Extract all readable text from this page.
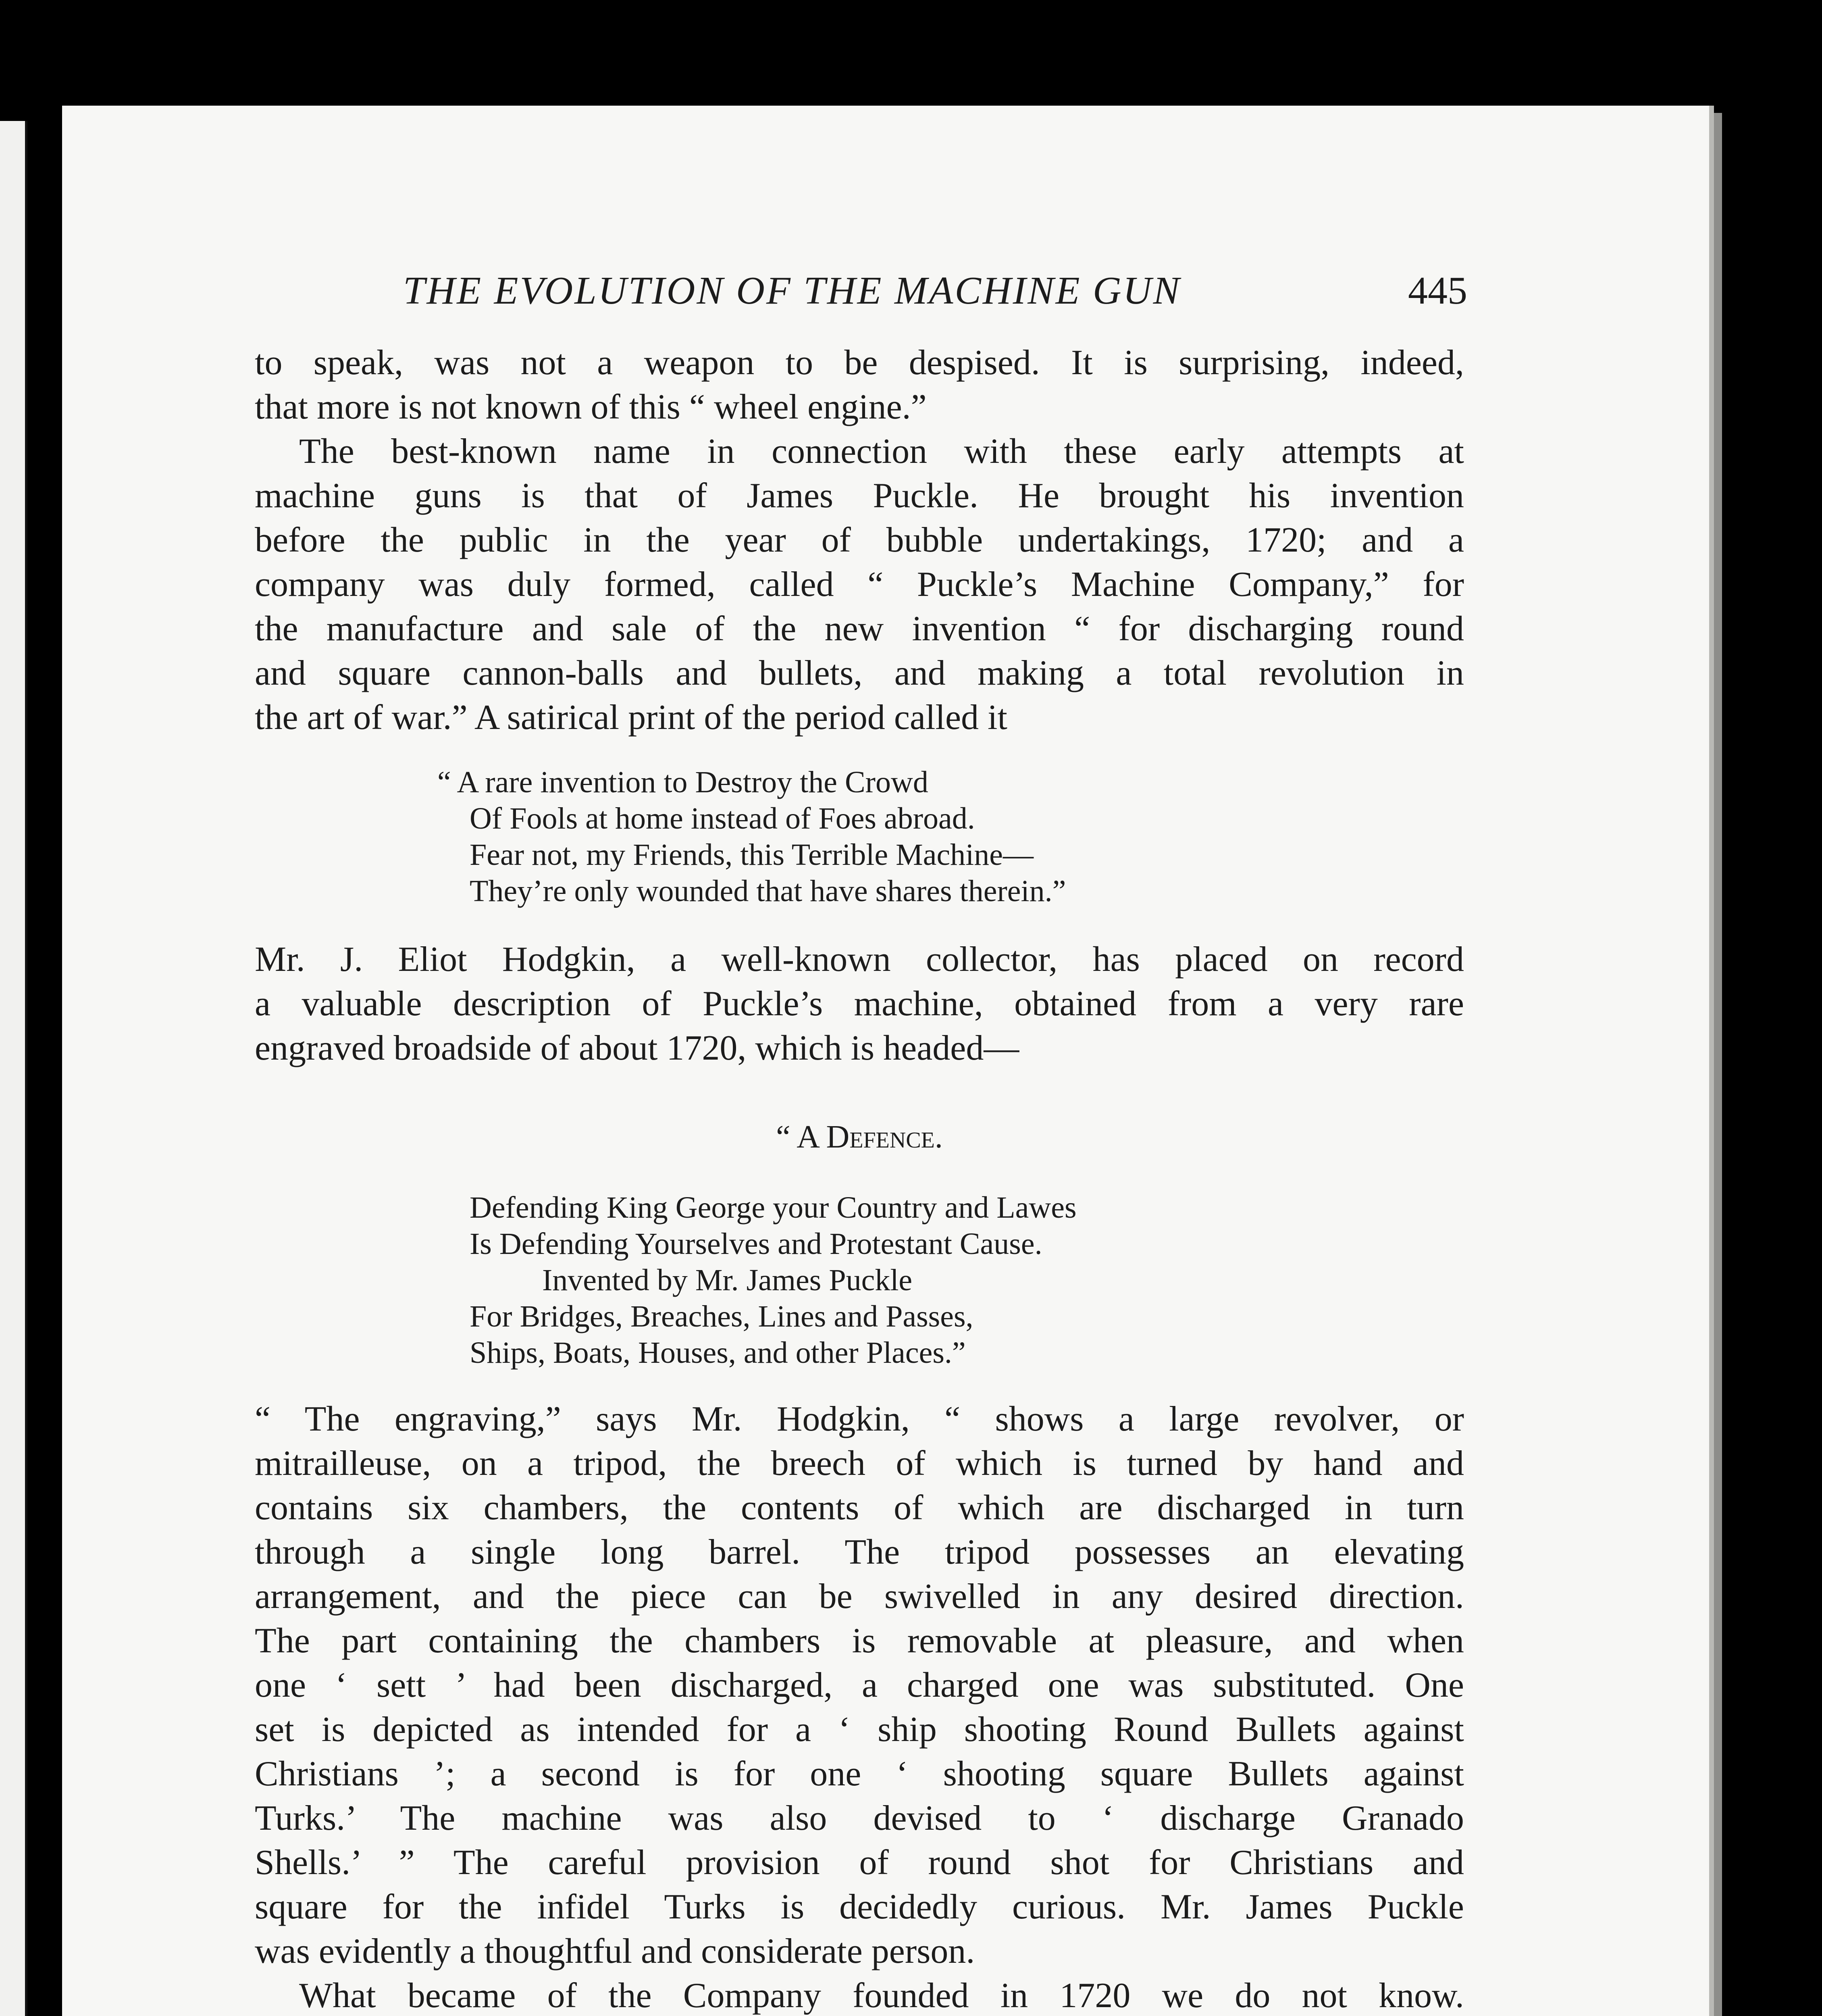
THE EVOLUTION OF THE MACHINE GUN	445
to speak, was not a weapon to be despised. It is surprising, indeed,
that more is not known of this “ wheel engine.”
The best-known name in connection with these early attempts at
machine guns is that of James Puckle. He brought his invention
before the public in the year of bubble undertakings, 1720; and a
company was duly formed, called “ Puckle’s Machine Company,” for
the manufacture and sale of the new invention “ for discharging round
and square cannon-balls and bullets, and making a total revolution in
the art of war.” A satirical print of the period called it
“ A rare invention to Destroy the Crowd
Of Fools at home instead of Foes abroad.
Fear not, my Friends, this Terrible Machine—
They’re only wounded that have shares therein.”
Mr. J. Eliot Hodgkin, a well-known collector, has placed on record
a valuable description of Puckle’s machine, obtained from a very rare
engraved broadside of about 1720, which is headed—
“ A Defence.
Defending King George your Country and Lawes
Is Defending Yourselves and Protestant Cause.
Invented by Mr. James Puckle
For Bridges, Breaches, Lines and Passes,
Ships, Boats, Houses, and other Places.”
“ The engraving,” says Mr. Hodgkin, “ shows a large revolver, or
mitrailleuse, on a tripod, the breech of which is turned by hand and
contains six chambers, the contents of which are discharged in turn
through a single long barrel. The tripod possesses an elevating
arrangement, and the piece can be swivelled in any desired direction.
The part containing the chambers is removable at pleasure, and when
one ‘ sett ’ had been discharged, a charged one was substituted. One
set is depicted as intended for a ‘ ship shooting Round Bullets against
Christians ’; a second is for one ‘ shooting square Bullets against
Turks.’ The machine was also devised to ‘ discharge Granado
Shells.’ ” The careful provision of round shot for Christians and
square for the infidel Turks is decidedly curious. Mr. James Puckle
was evidently a thoughtful and considerate person.
What became of the Company founded in 1720 we do not know.
